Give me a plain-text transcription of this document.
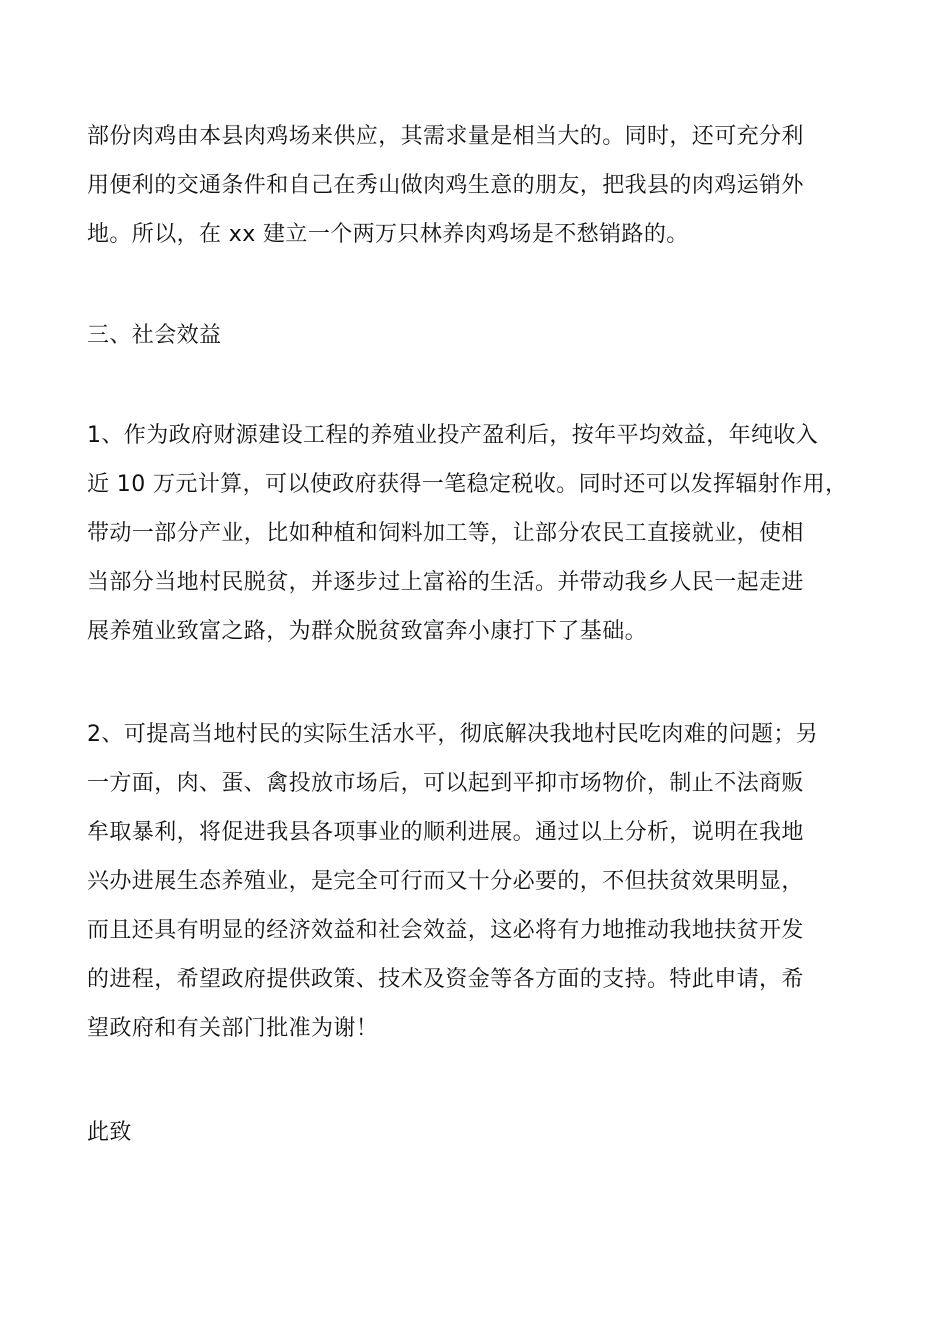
部份肉鸡由本县肉鸡场来供应，其需求量是相当大的。同时，还可充分利
用便利的交通条件和自己在秀山做肉鸡生意的朋友，把我县的肉鸡运销外
地。所以，在 xx 建立一个两万只林养肉鸡场是不愁销路的。
三、社会效益
1、作为政府财源建设工程的养殖业投产盈利后，按年平均效益，年纯收入
近 10 万元计算，可以使政府获得一笔稳定税收。同时还可以发挥辐射作用，
带动一部分产业，比如种植和饲料加工等，让部分农民工直接就业，使相
当部分当地村民脱贫，并逐步过上富裕的生活。并带动我乡人民一起走进
展养殖业致富之路，为群众脱贫致富奔小康打下了基础。
2、可提高当地村民的实际生活水平，彻底解决我地村民吃肉难的问题；另
一方面，肉、蛋、禽投放市场后，可以起到平抑市场物价，制止不法商贩
牟取暴利，将促进我县各项事业的顺利进展。通过以上分析，说明在我地
兴办进展生态养殖业，是完全可行而又十分必要的，不但扶贫效果明显，
而且还具有明显的经济效益和社会效益，这必将有力地推动我地扶贫开发
的进程，希望政府提供政策、技术及资金等各方面的支持。特此申请，希
望政府和有关部门批准为谢！
此致
